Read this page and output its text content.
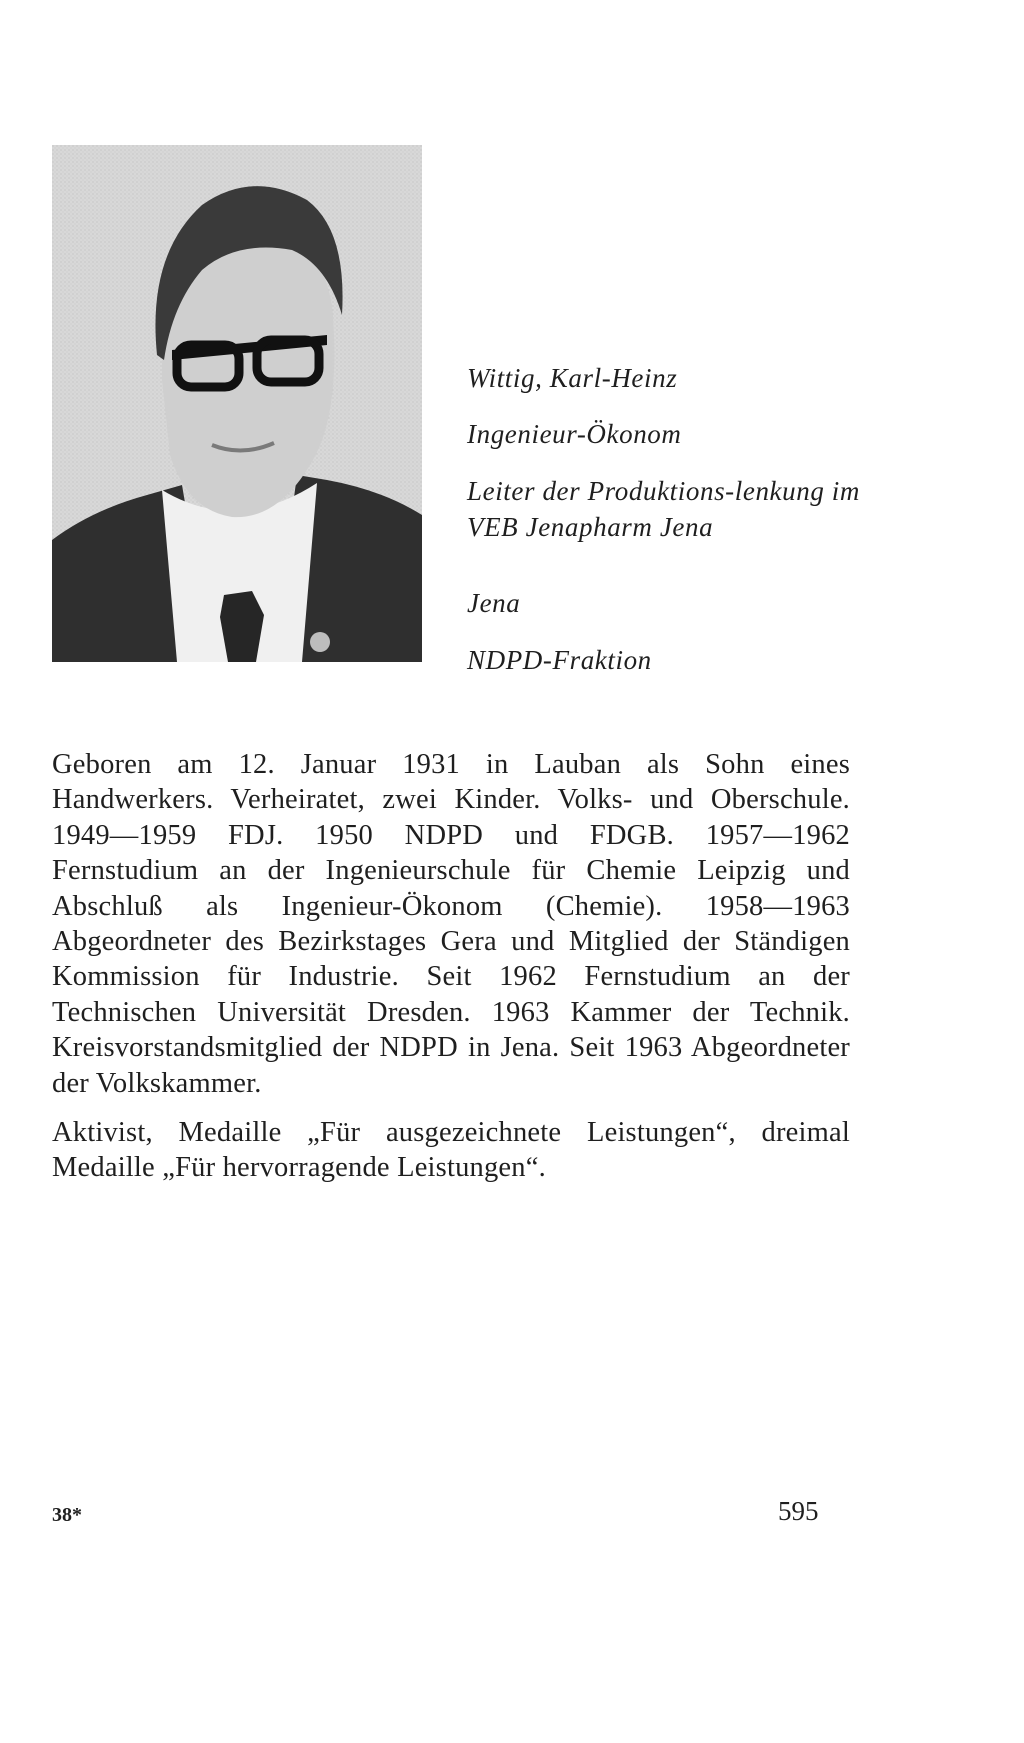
Wittig, Karl-Heinz
Ingenieur-Ökonom
Leiter der Produktions-lenkung im VEB Jenapharm Jena
Jena
NDPD-Fraktion

Geboren am 12. Januar 1931 in Lauban als Sohn eines Handwerkers. Verheiratet, zwei Kinder. Volks- und Oberschule. 1949—1959 FDJ. 1950 NDPD und FDGB. 1957—1962 Fernstudium an der Ingenieurschule für Chemie Leipzig und Abschluß als Ingenieur-Ökonom (Chemie). 1958—1963 Abgeordneter des Bezirkstages Gera und Mitglied der Ständigen Kommission für Industrie. Seit 1962 Fernstudium an der Technischen Universität Dresden. 1963 Kammer der Technik. Kreisvorstandsmitglied der NDPD in Jena. Seit 1963 Abgeordneter der Volkskammer.

Aktivist, Medaille „Für ausgezeichnete Leistungen“, dreimal Medaille „Für hervorragende Leistungen“.

38*	595
